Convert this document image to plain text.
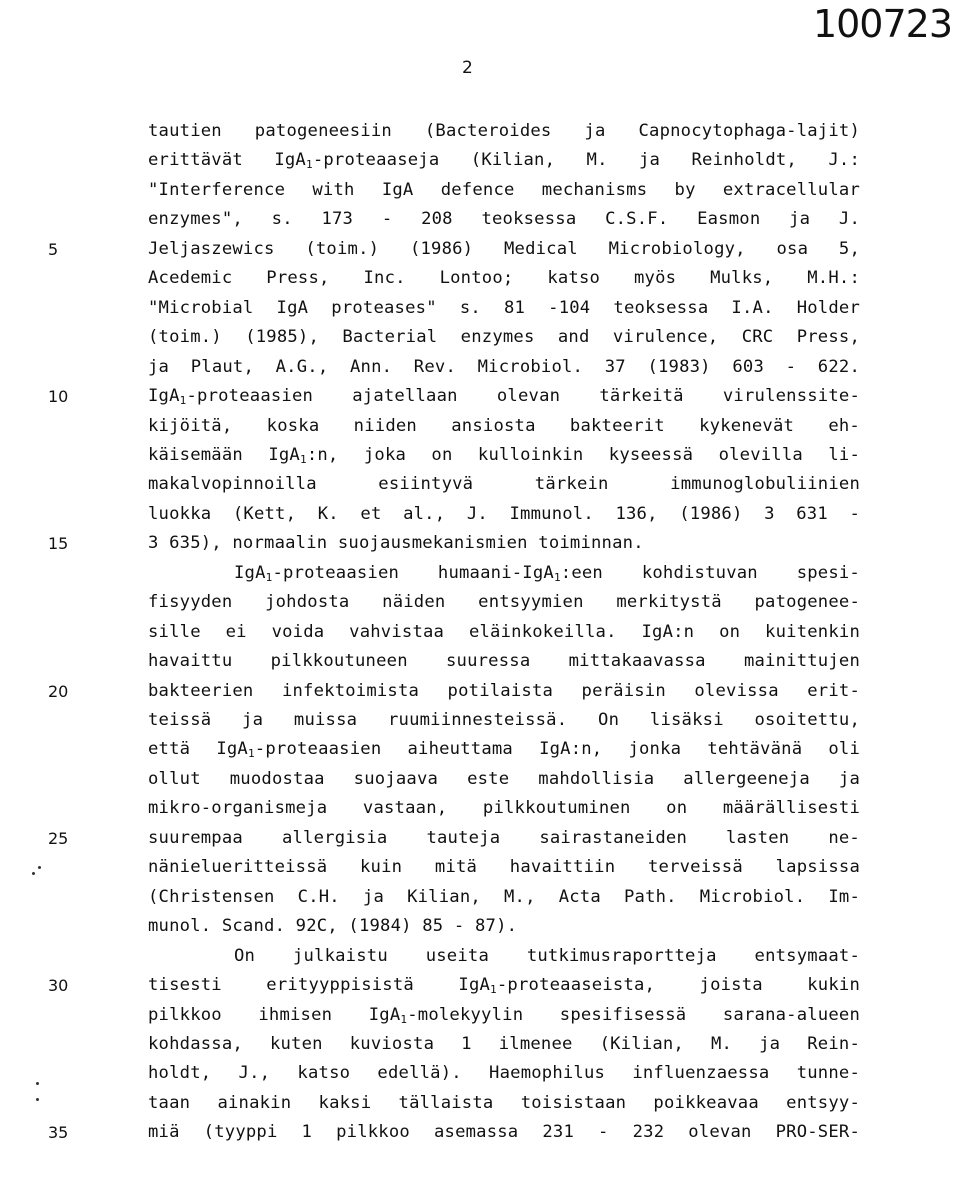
100723
2
5
10
15
20
25
30
35
tautien patogeneesiin (Bacteroides ja Capnocytophaga-lajit)
erittävät IgA$_1$-proteaaseja (Kilian, M. ja Reinholdt, J.:
"Interference with IgA defence mechanisms by extracellular
enzymes", s. 173 - 208 teoksessa C.S.F. Easmon ja J.
Jeljaszewics (toim.) (1986) Medical Microbiology, osa 5,
Acedemic Press, Inc. Lontoo; katso myös Mulks, M.H.:
"Microbial IgA proteases" s. 81 -104 teoksessa I.A. Holder
(toim.) (1985), Bacterial enzymes and virulence, CRC Press,
ja Plaut, A.G., Ann. Rev. Microbiol. 37 (1983) 603 - 622.
IgA$_1$-proteaasien ajatellaan olevan tärkeitä virulenssite-
kijöitä, koska niiden ansiosta bakteerit kykenevät eh-
käisemään IgA$_1$:n, joka on kulloinkin kyseessä olevilla li-
makalvopinnoilla esiintyvä tärkein immunoglobuliinien
luokka (Kett, K. et al., J. Immunol. 136, (1986) 3 631 -
3 635), normaalin suojausmekanismien toiminnan.
IgA$_1$-proteaasien humaani-IgA$_1$:een kohdistuvan spesi-
fisyyden johdosta näiden entsyymien merkitystä patogenee-
sille ei voida vahvistaa eläinkokeilla. IgA:n on kuitenkin
havaittu pilkkoutuneen suuressa mittakaavassa mainittujen
bakteerien infektoimista potilaista peräisin olevissa erit-
teissä ja muissa ruumiinnesteissä. On lisäksi osoitettu,
että IgA$_1$-proteaasien aiheuttama IgA:n, jonka tehtävänä oli
ollut muodostaa suojaava este mahdollisia allergeeneja ja
mikro-organismeja vastaan, pilkkoutuminen on määrällisesti
suurempaa allergisia tauteja sairastaneiden lasten ne-
nänielueritteissä kuin mitä havaittiin terveissä lapsissa
(Christensen C.H. ja Kilian, M., Acta Path. Microbiol. Im-
munol. Scand. 92C, (1984) 85 - 87).
On julkaistu useita tutkimusraportteja entsymaat-
tisesti erityyppisistä IgA$_1$-proteaaseista, joista kukin
pilkkoo ihmisen IgA$_1$-molekyylin spesifisessä sarana-alueen
kohdassa, kuten kuviosta 1 ilmenee (Kilian, M. ja Rein-
holdt, J., katso edellä). Haemophilus influenzaessa tunne-
taan ainakin kaksi tällaista toisistaan poikkeavaa entsyy-
miä (tyyppi 1 pilkkoo asemassa 231 - 232 olevan PRO-SER-
